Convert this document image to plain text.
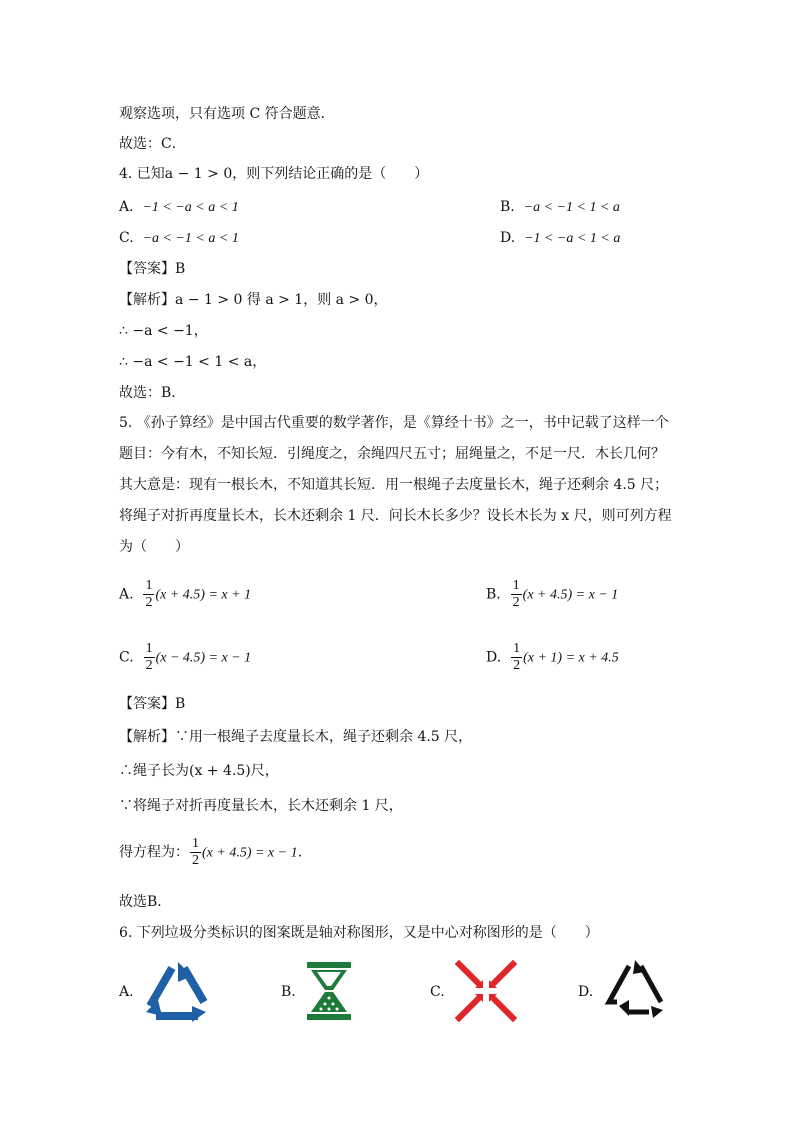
观察选项，只有选项 C 符合题意．
故选：C．
4. 已知a − 1 > 0，则下列结论正确的是（　　）
A. −1 < −a < a < 1	B. −a < −1 < 1 < a
C. −a < −1 < a < 1	D. −1 < −a < 1 < a
【答案】B
【解析】a − 1 > 0 得 a > 1，则 a > 0，
∴ −a < −1，
∴ −a < −1 < 1 < a，
故选：B．
5. 《孙子算经》是中国古代重要的数学著作，是《算经十书》之一，书中记载了这样一个
题目：今有木，不知长短．引绳度之，余绳四尺五寸；屈绳量之，不足一尺．木长几何？
其大意是：现有一根长木，不知道其长短．用一根绳子去度量长木，绳子还剩余 4.5 尺；
将绳子对折再度量长木，长木还剩余 1 尺．问长木长多少？设长木长为 x 尺，则可列方程
为（　　）
A. $\frac{1}{2} (x + 4.5) = x + 1$	B. $\frac{1}{2} (x + 4.5) = x - 1$
C. $\frac{1}{2} (x - 4.5) = x - 1$	D. $\frac{1}{2} (x + 1) = x + 4.5$
【答案】B
【解析】∵用一根绳子去度量长木，绳子还剩余 4.5 尺，
∴绳子长为(x + 4.5)尺，
∵将绳子对折再度量长木，长木还剩余 1 尺，
得方程为： $\frac{1}{2} (x + 4.5) = x - 1$．
故选B．
6. 下列垃圾分类标识的图案既是轴对称图形，又是中心对称图形的是（　　）
A.	B.	C.	D.
